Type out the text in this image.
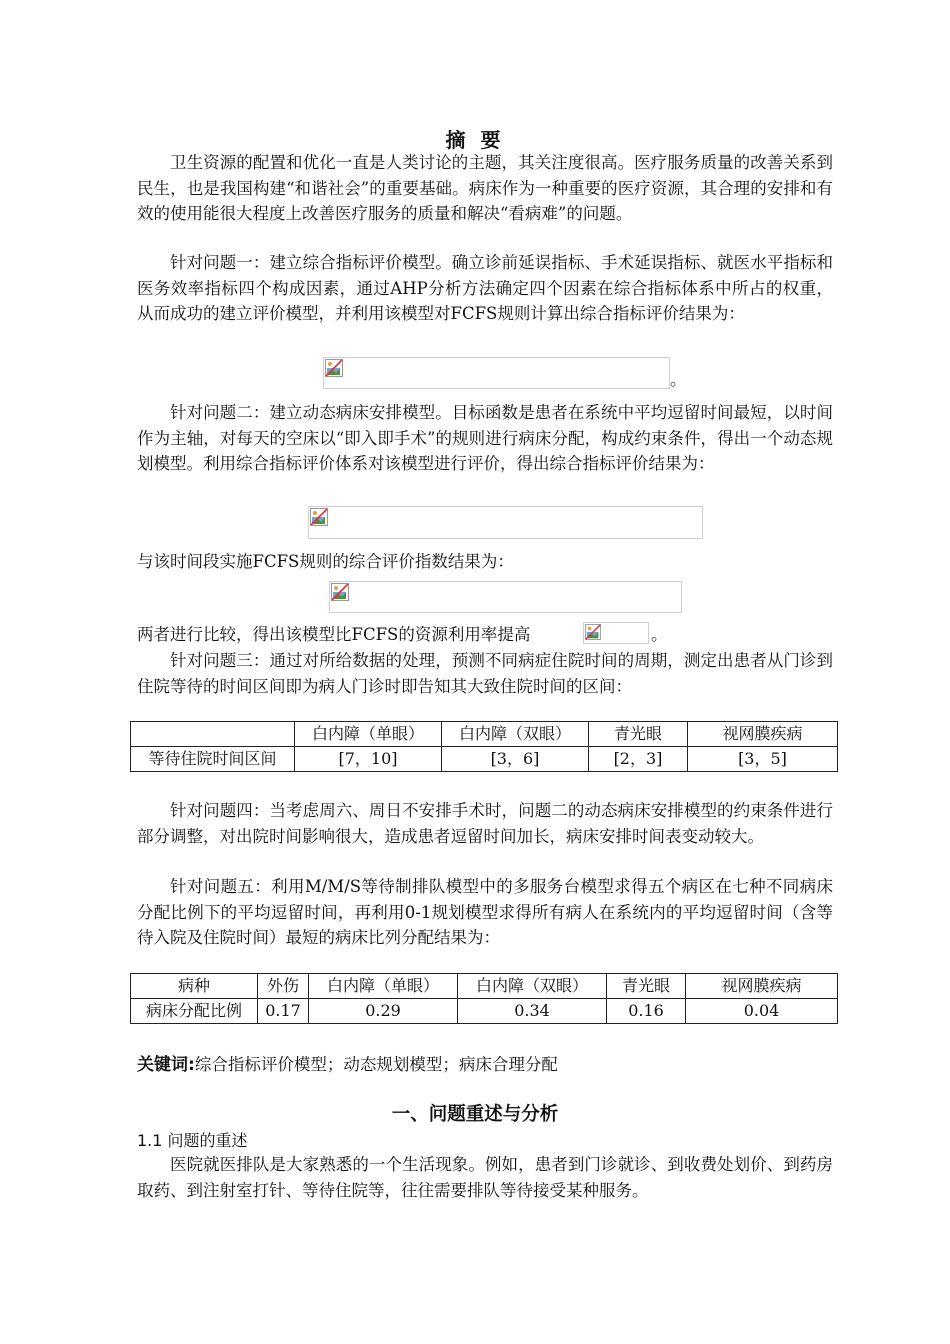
摘 要

卫生资源的配置和优化一直是人类讨论的主题，其关注度很高。医疗服务质量的改善关系到民生，也是我国构建“和谐社会”的重要基础。病床作为一种重要的医疗资源，其合理的安排和有效的使用能很大程度上改善医疗服务的质量和解决“看病难”的问题。

针对问题一：建立综合指标评价模型。确立诊前延误指标、手术延误指标、就医水平指标和医务效率指标四个构成因素，通过AHP分析方法确定四个因素在综合指标体系中所占的权重，从而成功的建立评价模型，并利用该模型对FCFS规则计算出综合指标评价结果为：

。

针对问题二：建立动态病床安排模型。目标函数是患者在系统中平均逗留时间最短，以时间作为主轴，对每天的空床以“即入即手术”的规则进行病床分配，构成约束条件，得出一个动态规划模型。利用综合指标评价体系对该模型进行评价，得出综合指标评价结果为：

与该时间段实施FCFS规则的综合评价指数结果为：

两者进行比较，得出该模型比FCFS的资源利用率提高	。

针对问题三：通过对所给数据的处理，预测不同病症住院时间的周期，测定出患者从门诊到住院等待的时间区间即为病人门诊时即告知其大致住院时间的区间：

	白内障（单眼）	白内障（双眼）	青光眼	视网膜疾病
等待住院时间区间	[7，10]	[3，6]	[2，3]	[3，5]

针对问题四：当考虑周六、周日不安排手术时，问题二的动态病床安排模型的约束条件进行部分调整，对出院时间影响很大，造成患者逗留时间加长，病床安排时间表变动较大。

针对问题五：利用M/M/S等待制排队模型中的多服务台模型求得五个病区在七种不同病床分配比例下的平均逗留时间，再利用0-1规划模型求得所有病人在系统内的平均逗留时间（含等待入院及住院时间）最短的病床比列分配结果为：

病种	外伤	白内障（单眼）	白内障（双眼）	青光眼	视网膜疾病
病床分配比例	0.17	0.29	0.34	0.16	0.04
关键词:综合指标评价模型；动态规划模型；病床合理分配
一、问题重述与分析
1.1 问题的重述

医院就医排队是大家熟悉的一个生活现象。例如，患者到门诊就诊、到收费处划价、到药房取药、到注射室打针、等待住院等，往往需要排队等待接受某种服务。
